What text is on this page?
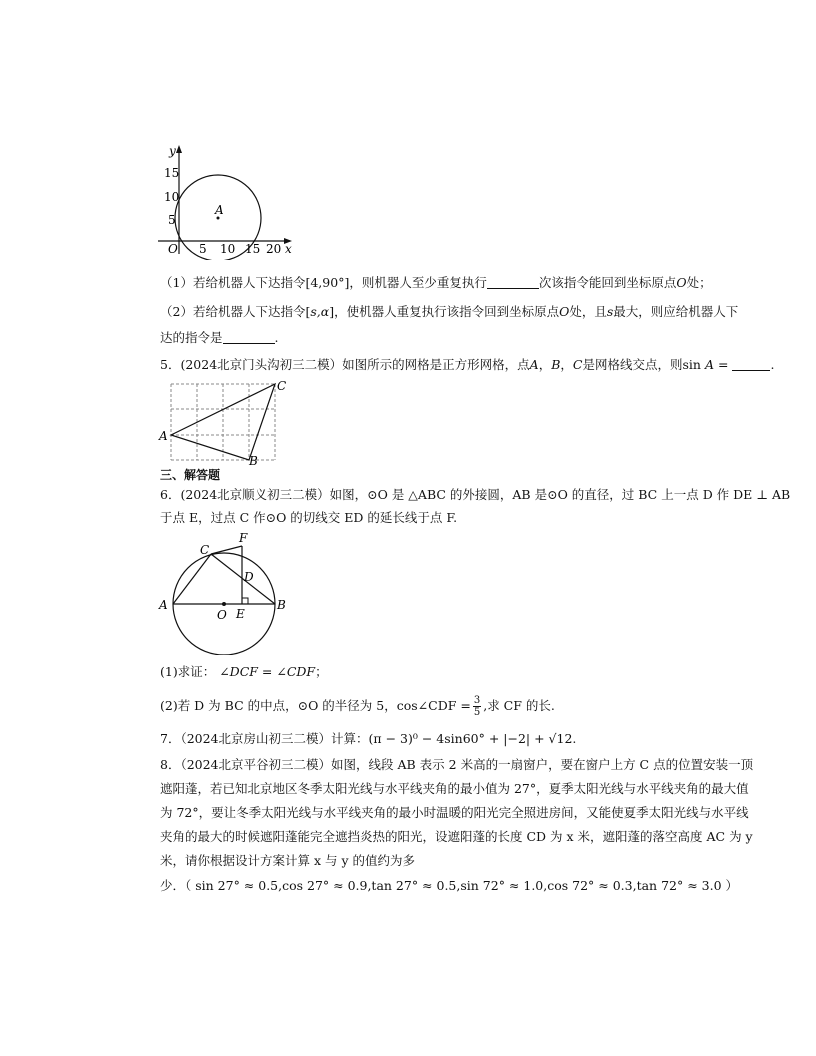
y
x
O
A
15
10
5
5 10 15 20
（1）若给机器人下达指令[4,90°]，则机器人至少重复执行	次该指令能回到坐标原点O处；
（2）若给机器人下达指令[s,α]，使机器人重复执行该指令回到坐标原点O处，且s最大，则应给机器人下
达的指令是	.
5．(2024北京门头沟初三二模）如图所示的网格是正方形网格，点A，B，C是网格线交点，则sin A =	.
A
B
C
三、解答题
6．(2024北京顺义初三二模）如图，⊙O 是 △ABC 的外接圆，AB 是⊙O 的直径，过 BC 上一点 D 作 DE ⊥ AB
于点 E，过点 C 作⊙O 的切线交 ED 的延长线于点 F.
A	B
C
D
E
F
O
(1)求证： ∠DCF = ∠CDF；
(2)若 D 为 BC 的中点，⊙O 的半径为 5，cos∠CDF = $\frac{3}{5}$ ,求 CF 的长.
7．（2024北京房山初三二模）计算：(π − 3)⁰ − 4sin60° + |−2| + √12.
8．（2024北京平谷初三二模）如图，线段 AB 表示 2 米高的一扇窗户，要在窗户上方 C 点的位置安装一顶
遮阳蓬，若已知北京地区冬季太阳光线与水平线夹角的最小值为 27°，夏季太阳光线与水平线夹角的最大值
为 72°，要让冬季太阳光线与水平线夹角的最小时温暖的阳光完全照进房间，又能使夏季太阳光线与水平线
夹角的最大的时候遮阳蓬能完全遮挡炎热的阳光，设遮阳蓬的长度 CD 为 x 米，遮阳蓬的落空高度 AC 为 y
米，请你根据设计方案计算 x 与 y 的值约为多
少．（ sin 27° ≈ 0.5,cos 27° ≈ 0.9,tan 27° ≈ 0.5,sin 72° ≈ 1.0,cos 72° ≈ 0.3,tan 72° ≈ 3.0 ）
